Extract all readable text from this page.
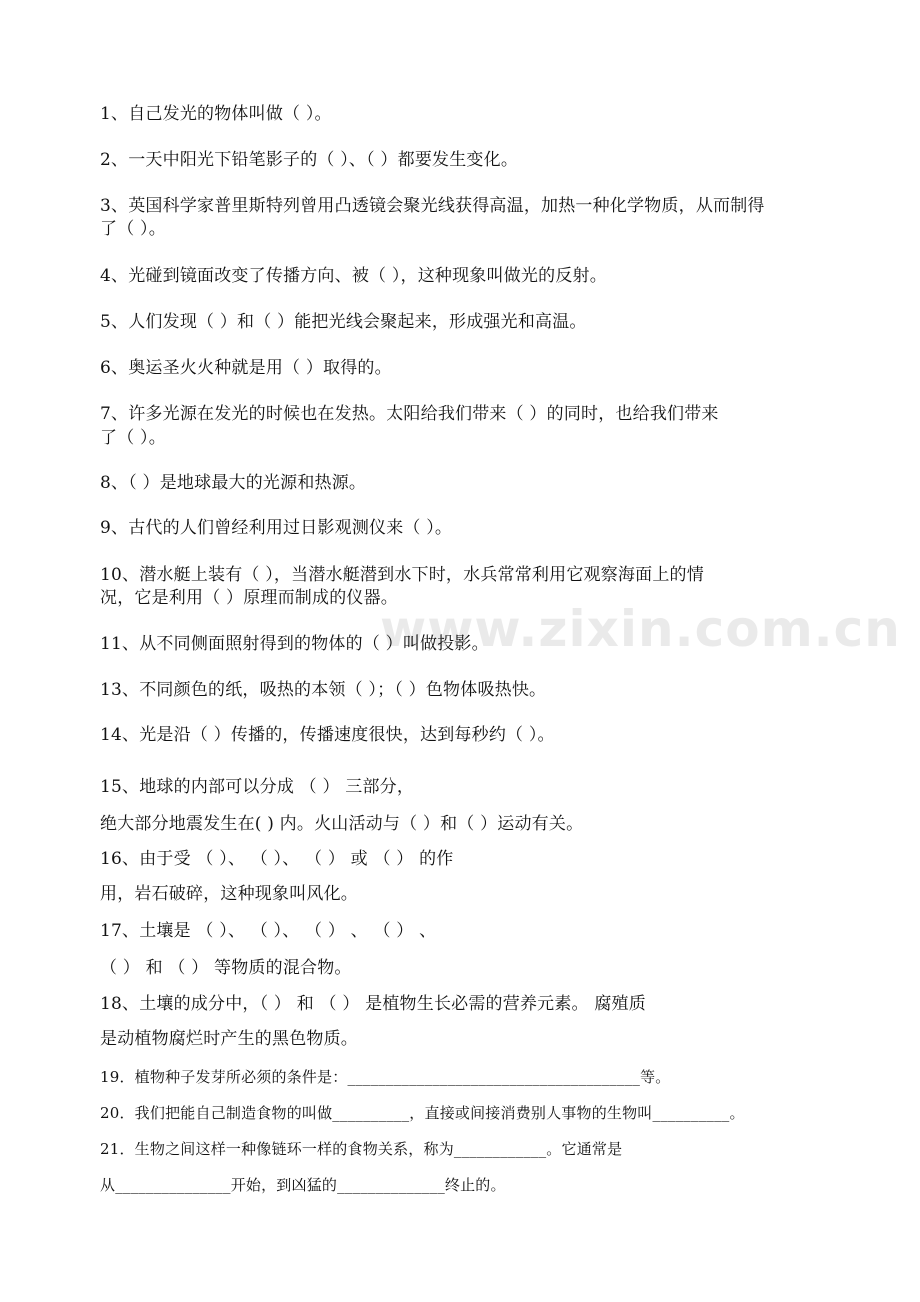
www.zixin.com.cn
1、自己发光的物体叫做（ ）。
2、一天中阳光下铅笔影子的（ ）、（ ）都要发生变化。
3、英国科学家普里斯特列曾用凸透镜会聚光线获得高温，加热一种化学物质，从而制得
了（ ）。
4、光碰到镜面改变了传播方向、被（ ），这种现象叫做光的反射。
5、人们发现（ ）和（ ）能把光线会聚起来，形成强光和高温。
6、奥运圣火火种就是用（ ）取得的。
7、许多光源在发光的时候也在发热。太阳给我们带来（ ）的同时，也给我们带来
了（ ）。
8、（ ）是地球最大的光源和热源。
9、古代的人们曾经利用过日影观测仪来（ ）。
10、潜水艇上装有（ ），当潜水艇潜到水下时，水兵常常利用它观察海面上的情
况，它是利用（ ）原理而制成的仪器。
11、从不同侧面照射得到的物体的（ ）叫做投影。
13、不同颜色的纸，吸热的本领（ ）；（ ）色物体吸热快。
14、光是沿（ ）传播的，传播速度很快，达到每秒约（ ）。
15、地球的内部可以分成 （ ） 三部分，
绝大部分地震发生在( ) 内。火山活动与（ ）和（ ）运动有关。
16、由于受 （ ）、 （ ）、 （ ） 或 （ ） 的作
用，岩石破碎，这种现象叫风化。
17、土壤是 （ ）、 （ ）、 （ ） 、 （ ） 、
（ ） 和 （ ） 等物质的混合物。
18、土壤的成分中，（ ） 和 （ ） 是植物生长必需的营养元素。 腐殖质
是动植物腐烂时产生的黑色物质。
19．植物种子发芽所必须的条件是：______________________________________等。
20．我们把能自己制造食物的叫做__________，直接或间接消费别人事物的生物叫__________。
21．生物之间这样一种像链环一样的食物关系，称为____________。它通常是
从_______________开始，到凶猛的______________终止的。
